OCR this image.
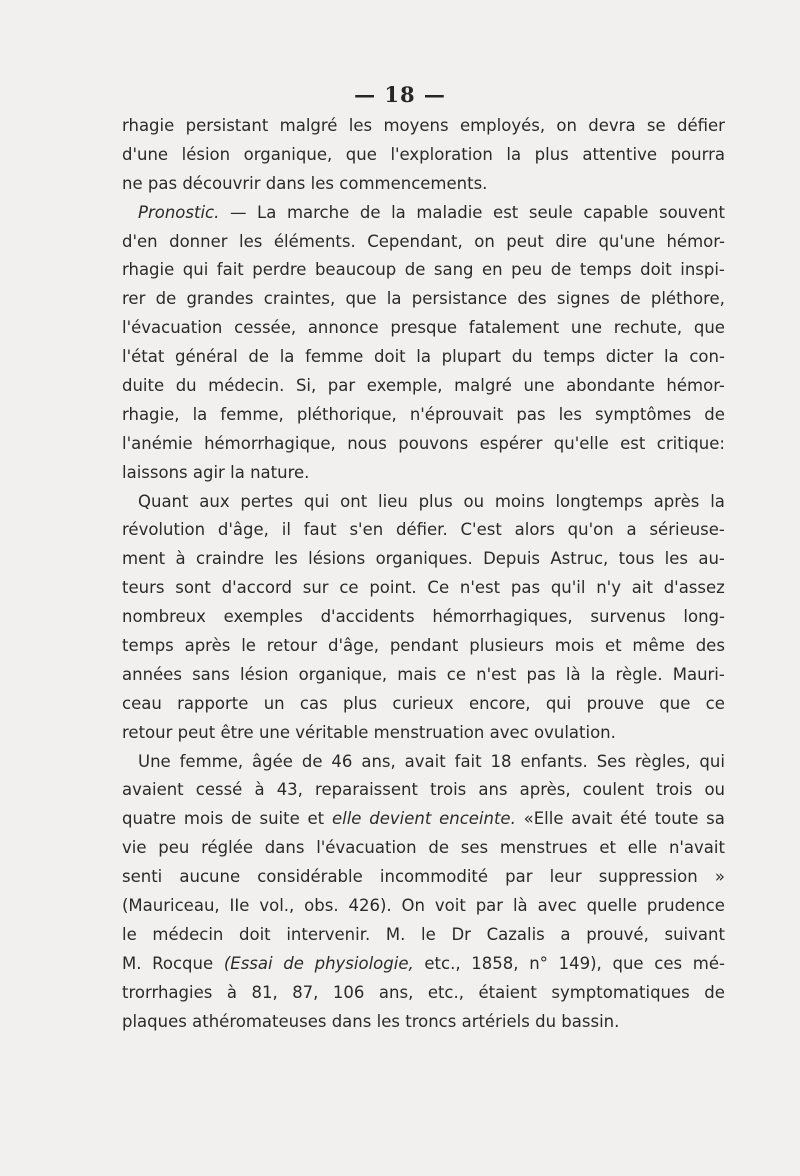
— 18 —
rhagie persistant malgré les moyens employés, on devra se défier
d'une lésion organique, que l'exploration la plus attentive pourra
ne pas découvrir dans les commencements.
Pronostic. — La marche de la maladie est seule capable souvent
d'en donner les éléments. Cependant, on peut dire qu'une hémor-
rhagie qui fait perdre beaucoup de sang en peu de temps doit inspi-
rer de grandes craintes, que la persistance des signes de pléthore,
l'évacuation cessée, annonce presque fatalement une rechute, que
l'état général de la femme doit la plupart du temps dicter la con-
duite du médecin. Si, par exemple, malgré une abondante hémor-
rhagie, la femme, pléthorique, n'éprouvait pas les symptômes de
l'anémie hémorrhagique, nous pouvons espérer qu'elle est critique:
laissons agir la nature.
Quant aux pertes qui ont lieu plus ou moins longtemps après la
révolution d'âge, il faut s'en défier. C'est alors qu'on a sérieuse-
ment à craindre les lésions organiques. Depuis Astruc, tous les au-
teurs sont d'accord sur ce point. Ce n'est pas qu'il n'y ait d'assez
nombreux exemples d'accidents hémorrhagiques, survenus long-
temps après le retour d'âge, pendant plusieurs mois et même des
années sans lésion organique, mais ce n'est pas là la règle. Mauri-
ceau rapporte un cas plus curieux encore, qui prouve que ce
retour peut être une véritable menstruation avec ovulation.
Une femme, âgée de 46 ans, avait fait 18 enfants. Ses règles, qui
avaient cessé à 43, reparaissent trois ans après, coulent trois ou
quatre mois de suite et elle devient enceinte. «Elle avait été toute sa
vie peu réglée dans l'évacuation de ses menstrues et elle n'avait
senti aucune considérable incommodité par leur suppression »
(Mauriceau, IIe vol., obs. 426). On voit par là avec quelle prudence
le médecin doit intervenir. M. le Dr Cazalis a prouvé, suivant
M. Rocque (Essai de physiologie, etc., 1858, n° 149), que ces mé-
trorrhagies à 81, 87, 106 ans, etc., étaient symptomatiques de
plaques athéromateuses dans les troncs artériels du bassin.
